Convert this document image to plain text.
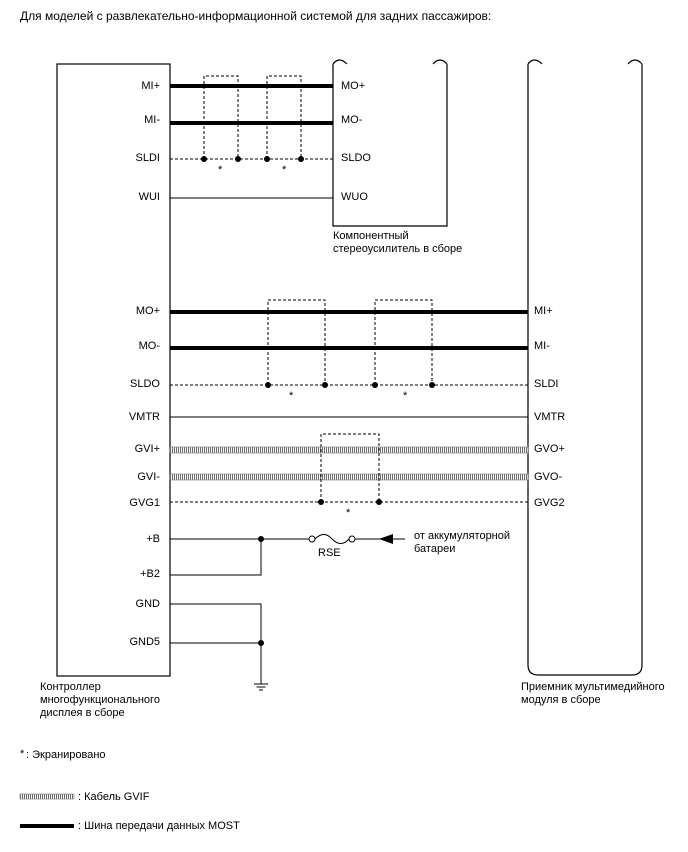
Для моделей с развлекательно-информационной системой для задних пассажиров:
MI+
MI-
SLDI
WUI
MO+
MO-
SLDO
VMTR
GVI+
GVI-
GVG1
+B
+B2
GND
GND5
MO+
MO-
SLDO
WUO
MI+
MI-
SLDI
VMTR
GVO+
GVO-
GVG2
*	*
Компонентный
стереоусилитель в сборе
*	*
*
RSE
от аккумуляторной
батареи
Контроллер
многофункционального
дисплея в сборе
Приемник мультимедийного
модуля в сборе
* : Экранировано
: Кабель GVIF
: Шина передачи данных MOST
